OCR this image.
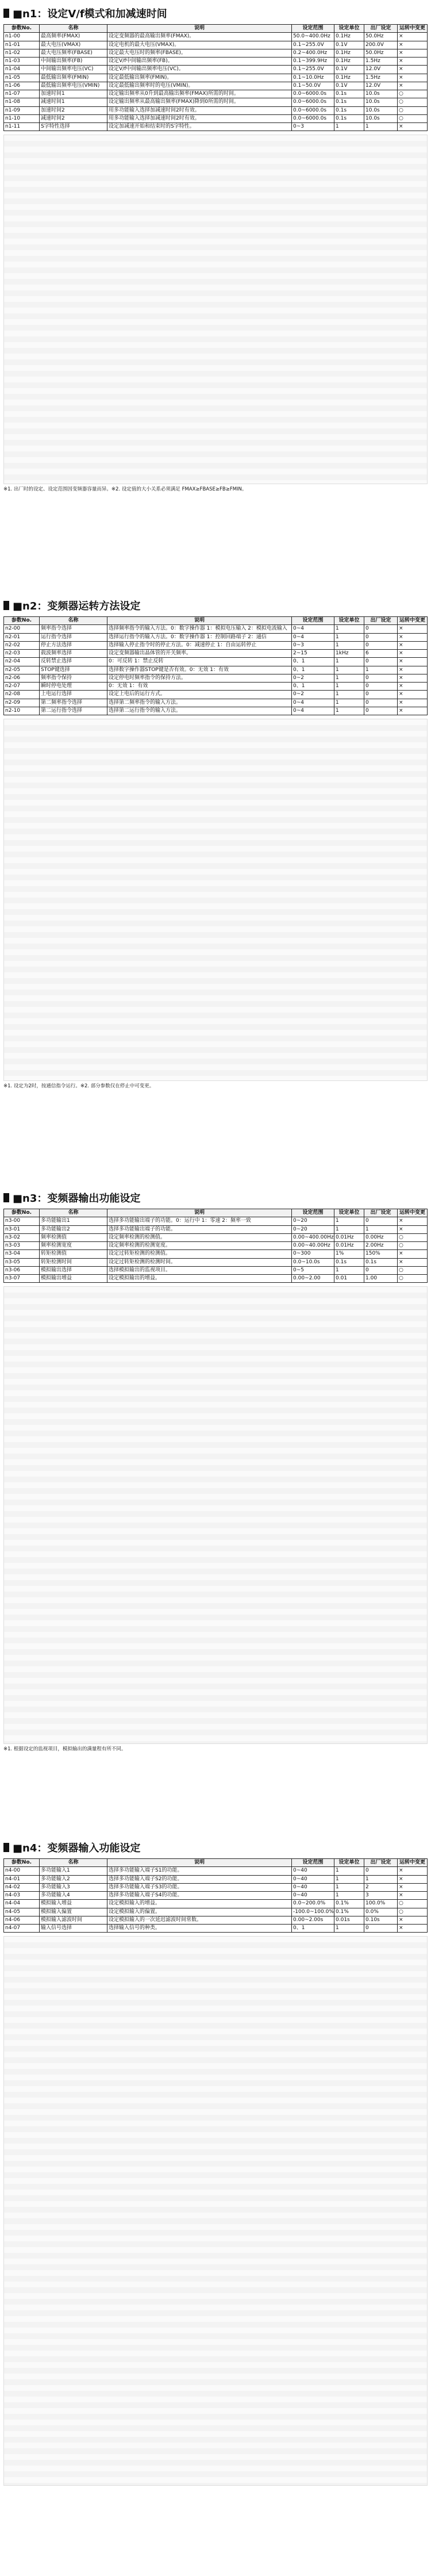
■n1：设定V/f模式和加减速时间
参数No.	名称	说明	设定范围	设定单位	出厂设定	运转中变更
n1-00	最高频率(FMAX)	设定变频器的最高输出频率(FMAX)。	50.0~400.0Hz	0.1Hz	50.0Hz	×
n1-01	最大电压(VMAX)	设定电机的最大电压(VMAX)。	0.1~255.0V	0.1V	200.0V	×
n1-02	最大电压频率(FBASE)	设定最大电压时的频率(FBASE)。	0.2~400.0Hz	0.1Hz	50.0Hz	×
n1-03	中间输出频率(FB)	设定V/f中间输出频率(FB)。	0.1~399.9Hz	0.1Hz	1.5Hz	×
n1-04	中间输出频率电压(VC)	设定V/f中间输出频率电压(VC)。	0.1~255.0V	0.1V	12.0V	×
n1-05	最低输出频率(FMIN)	设定最低输出频率(FMIN)。	0.1~10.0Hz	0.1Hz	1.5Hz	×
n1-06	最低输出频率电压(VMIN)	设定最低输出频率时的电压(VMIN)。	0.1~50.0V	0.1V	12.0V	×
n1-07	加速时间1	设定输出频率从0升到最高输出频率(FMAX)所需的时间。	0.0~6000.0s	0.1s	10.0s	○
n1-08	减速时间1	设定输出频率从最高输出频率(FMAX)降到0所需的时间。	0.0~6000.0s	0.1s	10.0s	○
n1-09	加速时间2	用多功能输入选择加减速时间2时有效。	0.0~6000.0s	0.1s	10.0s	○
n1-10	减速时间2	用多功能输入选择加减速时间2时有效。	0.0~6000.0s	0.1s	10.0s	○
n1-11	S字特性选择	设定加减速开始和结束时的S字特性。	0~3	1	1	×
※1. 出厂时的设定、设定范围因变频器容量而异。※2. 设定值的大小关系必须满足 FMAX≥FBASE≥FB≥FMIN。
■n2：变频器运转方法设定
参数No.	名称	说明	设定范围	设定单位	出厂设定	运转中变更
n2-00	频率指令选择	选择频率指令的输入方法。0：数字操作器 1：模拟电压输入 2：模拟电流输入	0~4	1	0	×
n2-01	运行指令选择	选择运行指令的输入方法。0：数字操作器 1：控制回路端子 2：通信	0~4	1	0	×
n2-02	停止方法选择	选择输入停止指令时的停止方法。0：减速停止 1：自由运转停止	0~3	1	0	×
n2-03	载波频率选择	设定变频器输出晶体管的开关频率。	2~15	1kHz	6	×
n2-04	反转禁止选择	0：可反转 1：禁止反转	0、1	1	0	×
n2-05	STOP键选择	选择数字操作器STOP键是否有效。0：无效 1：有效	0、1	1	1	×
n2-06	频率指令保持	设定停电时频率指令的保持方法。	0~2	1	0	×
n2-07	瞬时停电处理	0：无效 1：有效	0、1	1	0	×
n2-08	上电运行选择	设定上电后的运行方式。	0~2	1	0	×
n2-09	第二频率指令选择	选择第二频率指令的输入方法。	0~4	1	0	×
n2-10	第二运行指令选择	选择第二运行指令的输入方法。	0~4	1	0	×
※1. 设定为2时，按通信指令运行。※2. 部分参数仅在停止中可变更。
■n3：变频器输出功能设定
参数No.	名称	说明	设定范围	设定单位	出厂设定	运转中变更
n3-00	多功能输出1	选择多功能输出端子的功能。0：运行中 1：零速 2：频率一致	0~20	1	0	×
n3-01	多功能输出2	选择多功能输出端子的功能。	0~20	1	1	×
n3-02	频率检测值	设定频率检测的检测值。	0.00~400.00Hz	0.01Hz	0.00Hz	○
n3-03	频率检测宽度	设定频率检测的检测宽度。	0.00~40.00Hz	0.01Hz	2.00Hz	○
n3-04	转矩检测值	设定过转矩检测的检测值。	0~300	1%	150%	×
n3-05	转矩检测时间	设定过转矩检测的检测时间。	0.0~10.0s	0.1s	0.1s	×
n3-06	模拟输出选择	选择模拟输出的监视项目。	0~5	1	0	○
n3-07	模拟输出增益	设定模拟输出的增益。	0.00~2.00	0.01	1.00	○
※1. 根据设定的监视项目，模拟输出的满量程有所不同。
■n4：变频器输入功能设定
参数No.	名称	说明	设定范围	设定单位	出厂设定	运转中变更
n4-00	多功能输入1	选择多功能输入端子S1的功能。	0~40	1	0	×
n4-01	多功能输入2	选择多功能输入端子S2的功能。	0~40	1	1	×
n4-02	多功能输入3	选择多功能输入端子S3的功能。	0~40	1	2	×
n4-03	多功能输入4	选择多功能输入端子S4的功能。	0~40	1	3	×
n4-04	模拟输入增益	设定模拟输入的增益。	0.0~200.0%	0.1%	100.0%	○
n4-05	模拟输入偏置	设定模拟输入的偏置。	-100.0~100.0%	0.1%	0.0%	○
n4-06	模拟输入滤波时间	设定模拟输入的一次延迟滤波时间常数。	0.00~2.00s	0.01s	0.10s	×
n4-07	输入信号选择	选择输入信号的种类。	0、1	1	0	×
